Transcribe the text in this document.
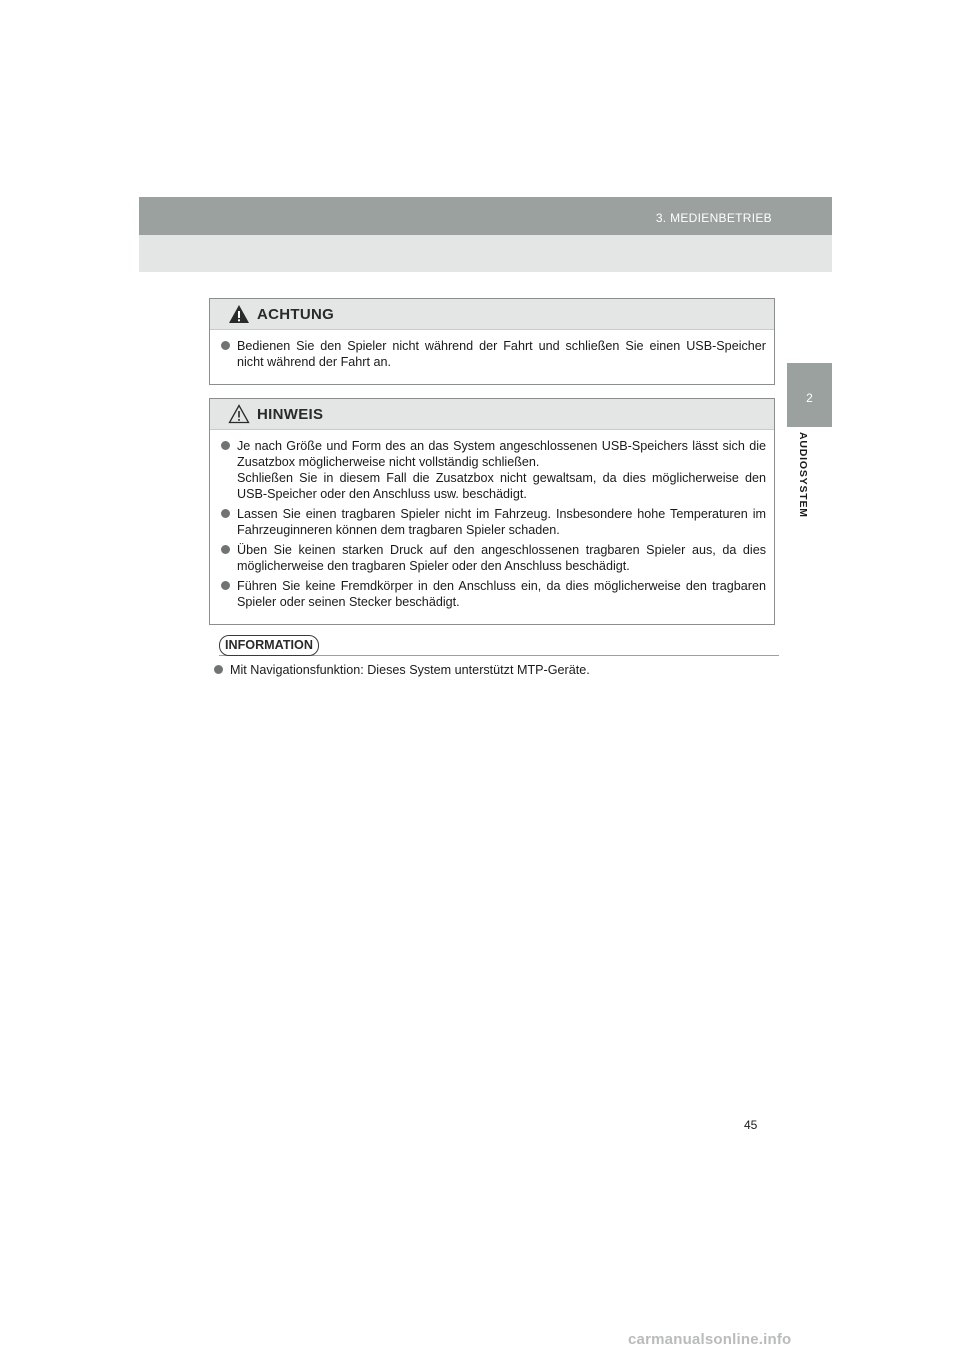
3. MEDIENBETRIEB
2
AUDIOSYSTEM
ACHTUNG

Bedienen Sie den Spieler nicht während der Fahrt und schließen Sie einen USB-Speicher nicht während der Fahrt an.

HINWEIS

Je nach Größe und Form des an das System angeschlossenen USB-Speichers lässt sich die Zusatzbox möglicherweise nicht vollständig schließen.

Schließen Sie in diesem Fall die Zusatzbox nicht gewaltsam, da dies möglicherweise den USB-Speicher oder den Anschluss usw. beschädigt.

Lassen Sie einen tragbaren Spieler nicht im Fahrzeug. Insbesondere hohe Temperaturen im Fahrzeuginneren können dem tragbaren Spieler schaden.

Üben Sie keinen starken Druck auf den angeschlossenen tragbaren Spieler aus, da dies möglicherweise den tragbaren Spieler oder den Anschluss beschädigt.

Führen Sie keine Fremdkörper in den Anschluss ein, da dies möglicherweise den tragbaren Spieler oder seinen Stecker beschädigt.

INFORMATION

Mit Navigationsfunktion: Dieses System unterstützt MTP-Geräte.

45
carmanualsonline.info
